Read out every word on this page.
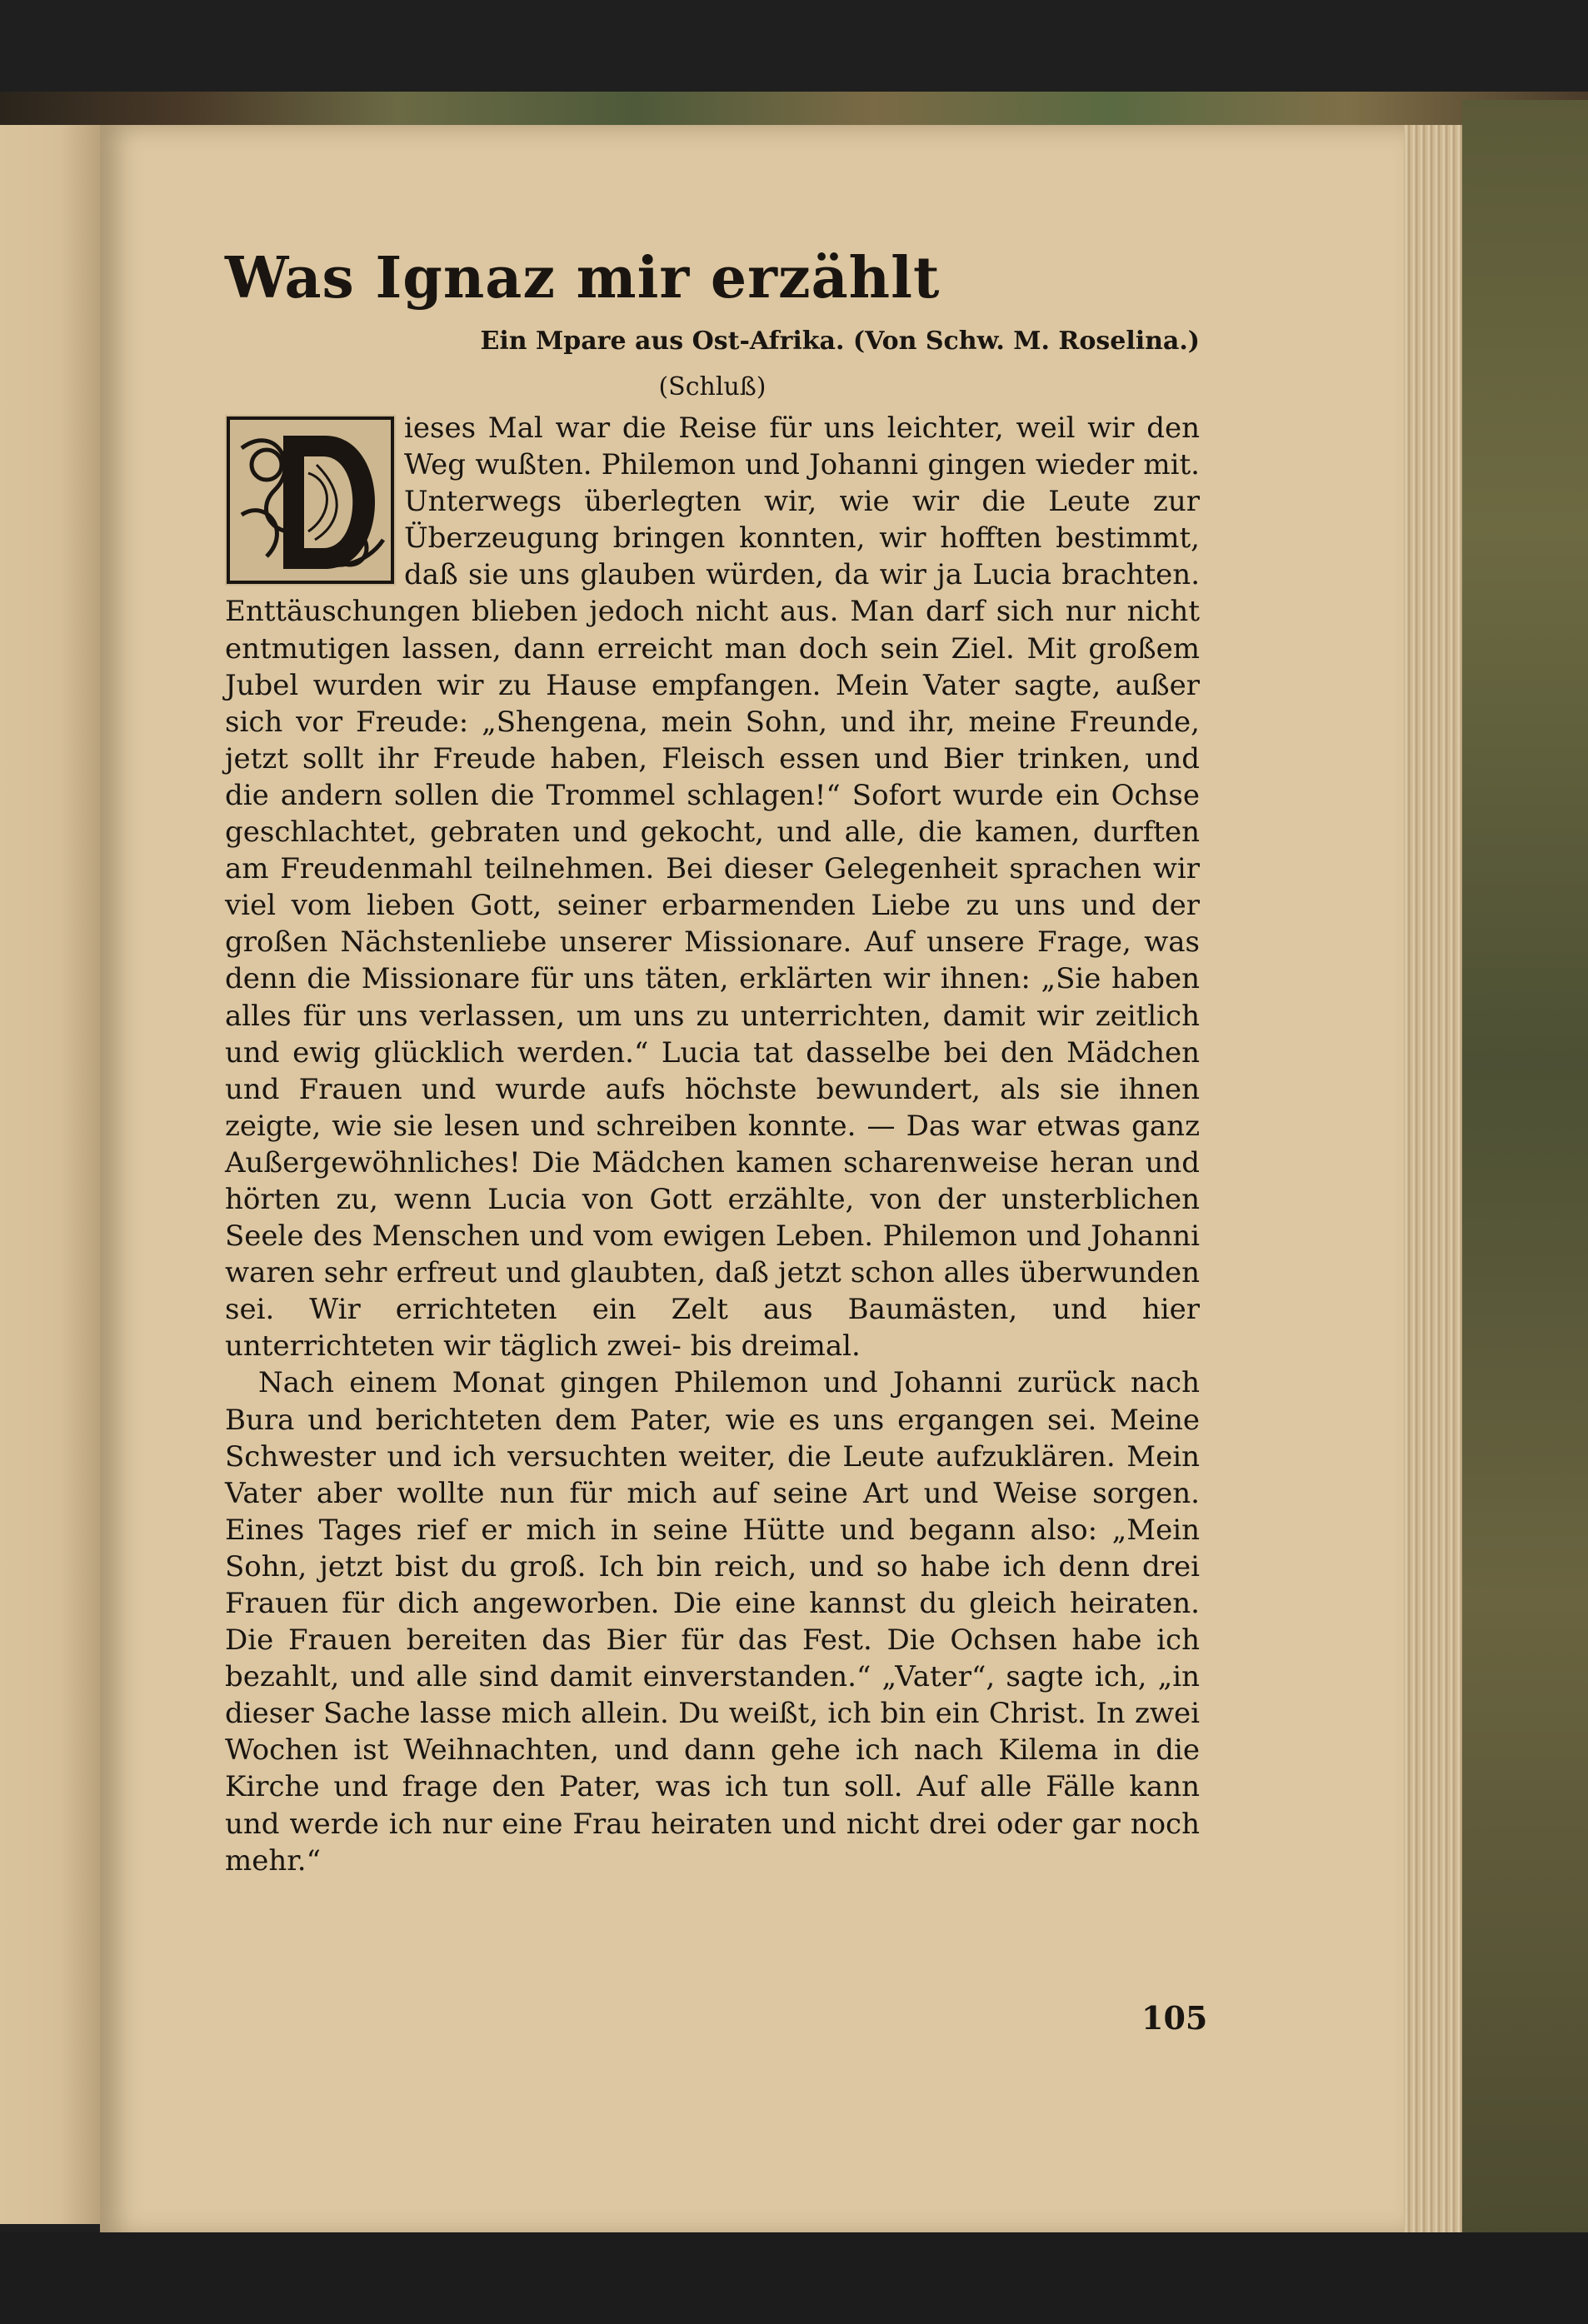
Was Ignaz mir erzählt

Ein Mpare aus Ost-Afrika. (Von Schw. M. Roselina.)

(Schluß)

ieses Mal war die Reise für uns leichter, weil wir den Weg wußten. Philemon und Johanni gingen wieder mit. Unterwegs überlegten wir, wie wir die Leute zur Überzeugung bringen konnten, wir hofften bestimmt, daß sie uns glauben würden, da wir ja Lucia brachten. Enttäuschungen blieben jedoch nicht aus. Man darf sich nur nicht entmutigen lassen, dann erreicht man doch sein Ziel. Mit großem Jubel wurden wir zu Hause empfangen. Mein Vater sagte, außer sich vor Freude: „Shengena, mein Sohn, und ihr, meine Freunde, jetzt sollt ihr Freude haben, Fleisch essen und Bier trinken, und die andern sollen die Trommel schlagen!“ Sofort wurde ein Ochse geschlachtet, gebraten und gekocht, und alle, die kamen, durften am Freudenmahl teilnehmen. Bei dieser Gelegenheit sprachen wir viel vom lieben Gott, seiner erbarmenden Liebe zu uns und der großen Nächstenliebe unserer Missionare. Auf unsere Frage, was denn die Missionare für uns täten, erklärten wir ihnen: „Sie haben alles für uns verlassen, um uns zu unterrichten, damit wir zeitlich und ewig glücklich werden.“ Lucia tat dasselbe bei den Mädchen und Frauen und wurde aufs höchste bewundert, als sie ihnen zeigte, wie sie lesen und schreiben konnte. — Das war etwas ganz Außergewöhnliches! Die Mädchen kamen scharenweise heran und hörten zu, wenn Lucia von Gott erzählte, von der unsterblichen Seele des Menschen und vom ewigen Leben. Philemon und Johanni waren sehr erfreut und glaubten, daß jetzt schon alles überwunden sei. Wir errichteten ein Zelt aus Baumästen, und hier unterrichteten wir täglich zwei- bis dreimal.

Nach einem Monat gingen Philemon und Johanni zurück nach Bura und berichteten dem Pater, wie es uns ergangen sei. Meine Schwester und ich versuchten weiter, die Leute aufzuklären. Mein Vater aber wollte nun für mich auf seine Art und Weise sorgen. Eines Tages rief er mich in seine Hütte und begann also: „Mein Sohn, jetzt bist du groß. Ich bin reich, und so habe ich denn drei Frauen für dich angeworben. Die eine kannst du gleich heiraten. Die Frauen bereiten das Bier für das Fest. Die Ochsen habe ich bezahlt, und alle sind damit einverstanden.“ „Vater“, sagte ich, „in dieser Sache lasse mich allein. Du weißt, ich bin ein Christ. In zwei Wochen ist Weihnachten, und dann gehe ich nach Kilema in die Kirche und frage den Pater, was ich tun soll. Auf alle Fälle kann und werde ich nur eine Frau heiraten und nicht drei oder gar noch mehr.“

105
